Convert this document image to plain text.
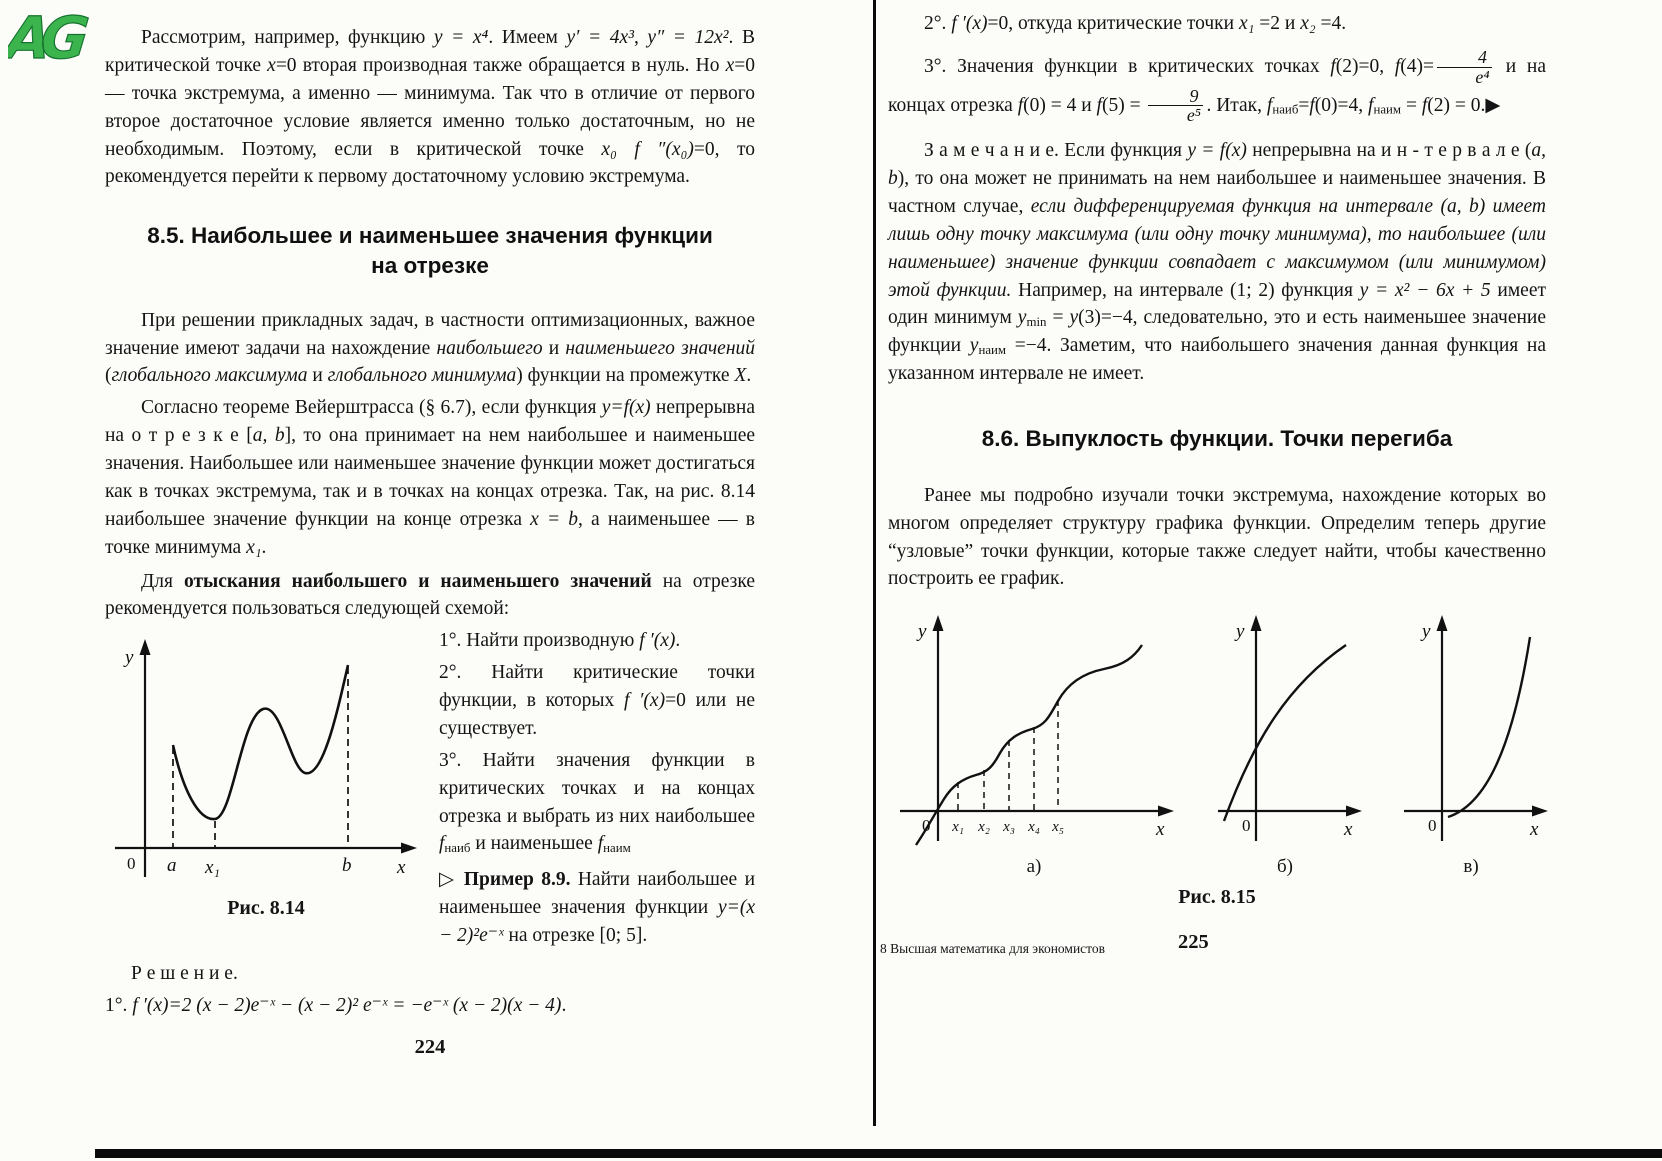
AG	Рассмотрим, например, функцию y = x⁴. Имеем y′ = 4x³, y″ = 12x². В критической точке x=0 вторая производная также обращается в нуль. Но x=0 — точка экстремума, а именно — минимума. Так что в отличие от первого второе достаточное условие является именно только достаточным, но не необходимым. Поэтому, если в критической точке x₀ f ″(x₀)=0, то рекомендуется перейти к первому достаточному условию экстремума.

8.5. Наибольшее и наименьшее значения функции
на отрезке

При решении прикладных задач, в частности оптимизационных, важное значение имеют задачи на нахождение наибольшего и наименьшего значений (глобального максимума и глобального минимума) функции на промежутке X.

Согласно теореме Вейерштрасса (§ 6.7), если функция y=f(x) непрерывна на о т р е з к е [a, b], то она принимает на нем наибольшее и наименьшее значения. Наибольшее или наименьшее значение функции может достигаться как в точках экстремума, так и в точках на концах отрезка. Так, на рис. 8.14 наибольшее значение функции на конце отрезка x = b, а наименьшее — в точке минимума x₁.

Для отыскания наибольшего и наименьшего значений на отрезке рекомендуется пользоваться следующей схемой:

y
x
0 a x₁	b
Рис. 8.14

1°. Найти производную f ′(x).

2°. Найти критические точки функции, в которых f ′(x)=0 или не существует.

3°. Найти значения функции в критических точках и на концах отрезка и выбрать из них наибольшее fнаиб и наименьшее fнаим

▷ Пример 8.9. Найти наибольшее и наименьшее значения функции y=(x − 2)²e⁻ˣ на отрезке [0; 5].

Р е ш е н и е.

1°. f ′(x)=2 (x − 2)e⁻ˣ − (x − 2)² e⁻ˣ = −e⁻ˣ (x − 2)(x − 4).

224

2°. f ′(x)=0, откуда критические точки x₁ =2 и x₂ =4.

3°. Значения функции в критических точках f(2)=0, $f(4)= \frac{4}{\text{e⁴}}$ и на концах отрезка f(0) = 4 и $f(5) = \frac{9}{\text{e⁵}}$ . Итак, fнаиб=f(0)=4, fнаим = f(2) = 0.▶

З а м е ч а н и е. Если функция y = f(x) непрерывна на и н - т е р в а л е (a, b), то она может не принимать на нем наибольшее и наименьшее значения. В частном случае, если дифференцируемая функция на интервале (a, b) имеет лишь одну точку максимума (или одну точку минимума), то наибольшее (или наименьшее) значение функции совпадает с максимумом (или минимумом) этой функции. Например, на интервале (1; 2) функция y = x² − 6x + 5 имеет один минимум ymin = y(3)=−4, следовательно, это и есть наименьшее значение функции yнаим =−4. Заметим, что наибольшего значения данная функция на указанном интервале не имеет.

8.6. Выпуклость функции. Точки перегиба

Ранее мы подробно изучали точки экстремума, нахождение которых во многом определяет структуру графика функции. Определим теперь другие “узловые” точки функции, которые также следует найти, чтобы качественно построить ее график.

y
x
0 x₁ x₂ x₃ x₄ x₅
а)
y
x
0
б)
y
x
0
в)
Рис. 8.15
8 Высшая математика для экономистов	225
